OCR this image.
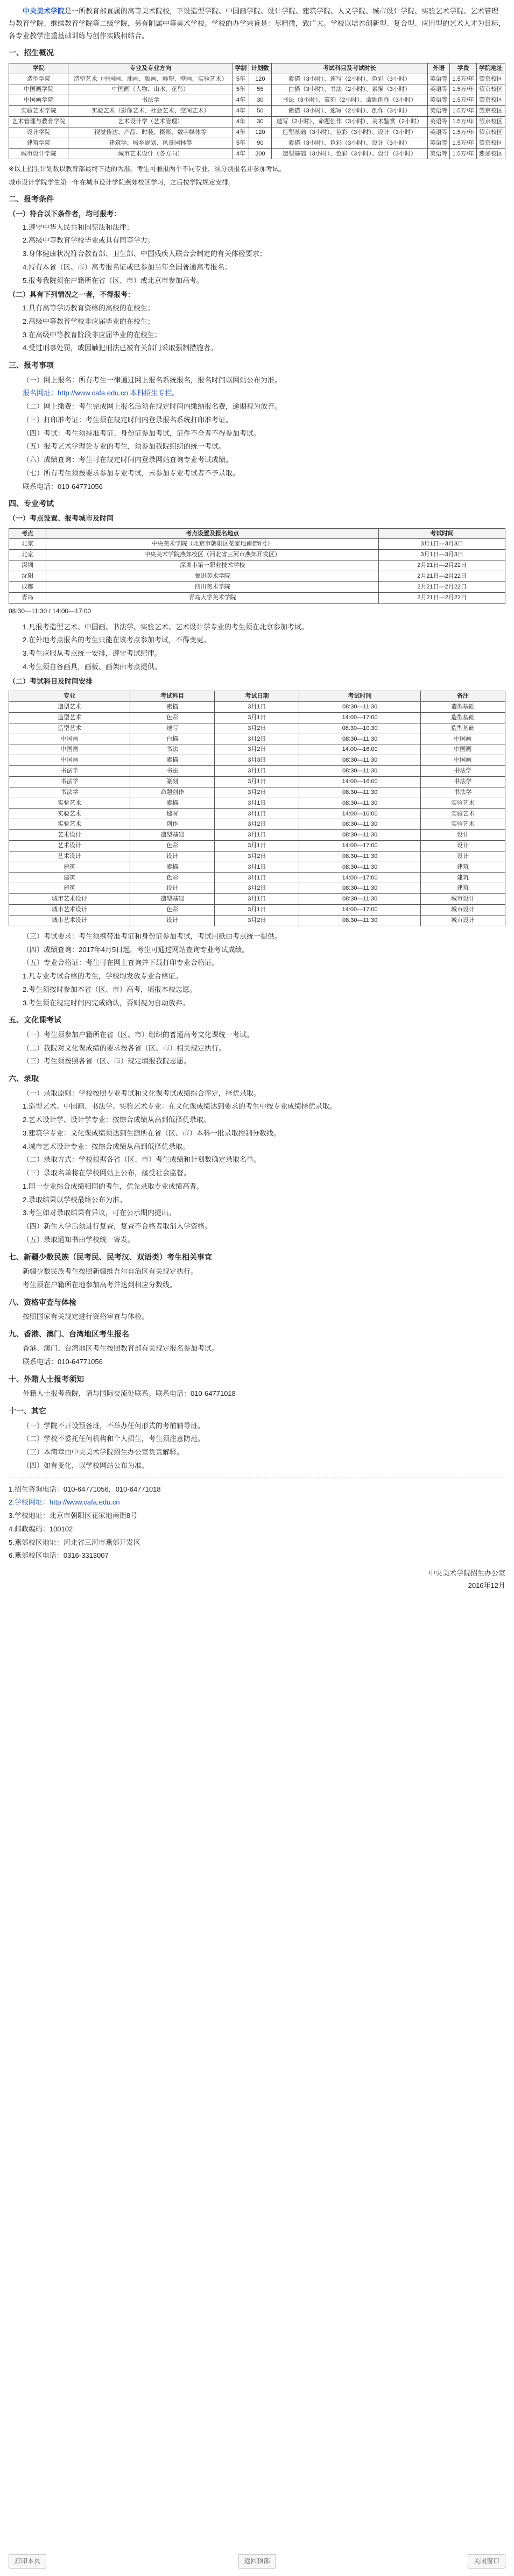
中央美术学院是一所教育部直属的高等美术院校，下设造型学院、中国画学院、设计学院、建筑学院、人文学院、城市设计学院、实验艺术学院、艺术管理与教育学院、继续教育学院等二级学院，另有附属中等美术学校。学校的办学宗旨是：尽精微，致广大。学校以培养创新型、复合型、应用型的艺术人才为目标，各专业教学注重基础训练与创作实践相结合。

一、招生概况
学院	专业及专业方向	学制	计划数	考试科目及考试时长	外语	学费	学院地址
造型学院	造型艺术（中国画、油画、版画、雕塑、壁画、实验艺术）	5年	120	素描（3小时）、速写（2小时）、色彩（3小时）	英语等	1.5万/年	望京校区
中国画学院	中国画（人物、山水、花鸟）	5年	55	白描（3小时）、书法（2小时）、素描（3小时）	英语等	1.5万/年	望京校区
中国画学院	书法学	4年	30	书法（3小时）、篆刻（2小时）、命题创作（3小时）	英语等	1.5万/年	望京校区
实验艺术学院	实验艺术（影像艺术、社会艺术、空间艺术）	4年	50	素描（3小时）、速写（2小时）、创作（3小时）	英语等	1.5万/年	望京校区
艺术管理与教育学院	艺术设计学（艺术管理）	4年	30	速写（2小时）、命题创作（3小时）、美术鉴赏（2小时）	英语等	1.5万/年	望京校区
设计学院	视觉传达、产品、时装、摄影、数字媒体等	4年	120	造型基础（3小时）、色彩（3小时）、设计（3小时）	英语等	1.5万/年	望京校区
建筑学院	建筑学、城乡规划、风景园林等	5年	90	素描（3小时）、色彩（3小时）、设计（3小时）	英语等	1.5万/年	望京校区
城市设计学院	城市艺术设计（各方向）	4年	200	造型基础（3小时）、色彩（3小时）、设计（3小时）	英语等	1.5万/年	燕郊校区

※以上招生计划数以教育部最终下达的为准。考生可兼报两个不同专业，须分别报名并参加考试。

城市设计学院学生第一年在城市设计学院燕郊校区学习，之后按学院规定安排。

二、报考条件
（一）符合以下条件者，均可报考：

1.遵守中华人民共和国宪法和法律；

2.高级中等教育学校毕业或具有同等学力；

3.身体健康状况符合教育部、卫生部、中国残疾人联合会制定的有关体检要求；

4.持有本省（区、市）高考报名证或已参加当年全国普通高考报名；

5.报考我院须在户籍所在省（区、市）或北京市参加高考。

（二）具有下列情况之一者，不得报考：

1.具有高等学历教育资格的高校的在校生；

2.高级中等教育学校非应届毕业的在校生；

3.在高级中等教育阶段非应届毕业的在校生；

4.受过刑事处罚，或因触犯刑法已被有关部门采取强制措施者。

三、报考事项

（一）网上报名：所有考生一律通过网上报名系统报名，报名时间以网站公布为准。

报名网址：http://www.cafa.edu.cn 本科招生专栏。

（二）网上缴费：考生完成网上报名后须在规定时间内缴纳报名费，逾期视为放弃。

（三）打印准考证：考生须在规定时间内登录报名系统打印准考证。

（四）考试：考生须持准考证、身份证参加考试，证件不全者不得参加考试。

（五）报考艺术学理论专业的考生，须参加我院组织的统一考试。

（六）成绩查询：考生可在规定时间内登录网站查询专业考试成绩。

（七）所有考生须按要求参加专业考试，未参加专业考试者不予录取。

联系电话：010-64771056

四、专业考试
（一）考点设置、报考城市及时间
考点	考点设置及报名地点	考试时间
北京	中央美术学院（北京市朝阳区花家地南街8号）	3月1日—3月3日
北京	中央美术学院燕郊校区（河北省三河市燕郊开发区）	3月1日—3月3日
深圳	深圳市第一职业技术学校	2月21日—2月22日
沈阳	鲁迅美术学院	2月21日—2月22日
成都	四川美术学院	2月21日—2月22日
青岛	青岛大学美术学院	2月21日—2月22日

08:30—11:30 / 14:00—17:00

1.凡报考造型艺术、中国画、书法学、实验艺术、艺术设计学专业的考生须在北京参加考试。

2.在外地考点报名的考生只能在该考点参加考试，不得变更。

3.考生应服从考点统一安排，遵守考试纪律。

4.考生须自备画具，画板、画架由考点提供。

（二）考试科目及时间安排
专业	考试科目	考试日期	考试时间	备注
造型艺术	素描	3月1日	08:30—11:30	造型基础
造型艺术	色彩	3月1日	14:00—17:00	造型基础
造型艺术	速写	3月2日	08:30—10:30	造型基础
中国画	白描	3月2日	08:30—11:30	中国画
中国画	书法	3月2日	14:00—16:00	中国画
中国画	素描	3月3日	08:30—11:30	中国画
书法学	书法	3月1日	08:30—11:30	书法学
书法学	篆刻	3月1日	14:00—16:00	书法学
书法学	命题创作	3月2日	08:30—11:30	书法学
实验艺术	素描	3月1日	08:30—11:30	实验艺术
实验艺术	速写	3月1日	14:00—16:00	实验艺术
实验艺术	创作	3月2日	08:30—11:30	实验艺术
艺术设计	造型基础	3月1日	08:30—11:30	设计
艺术设计	色彩	3月1日	14:00—17:00	设计
艺术设计	设计	3月2日	08:30—11:30	设计
建筑	素描	3月1日	08:30—11:30	建筑
建筑	色彩	3月1日	14:00—17:00	建筑
建筑	设计	3月2日	08:30—11:30	建筑
城市艺术设计	造型基础	3月1日	08:30—11:30	城市设计
城市艺术设计	色彩	3月1日	14:00—17:00	城市设计
城市艺术设计	设计	3月2日	08:30—11:30	城市设计

（三）考试要求：考生须携带准考证和身份证参加考试，考试用纸由考点统一提供。

（四）成绩查询：2017年4月5日起，考生可通过网站查询专业考试成绩。

（五）专业合格证：考生可在网上查询并下载打印专业合格证。

1.凡专业考试合格的考生，学校均发放专业合格证。

2.考生须按时参加本省（区、市）高考，填报本校志愿。

3.考生须在规定时间内完成确认，否则视为自动放弃。

五、文化课考试

（一）考生须参加户籍所在省（区、市）组织的普通高考文化课统一考试。

（二）我院对文化课成绩的要求按各省（区、市）相关规定执行。

（三）考生须按照各省（区、市）规定填报我院志愿。

六、录取

（一）录取原则：学校按照专业考试和文化课考试成绩综合评定，择优录取。

1.造型艺术、中国画、书法学、实验艺术专业：在文化课成绩达到要求的考生中按专业成绩择优录取。

2.艺术设计学、设计学专业：按综合成绩从高到低择优录取。

3.建筑学专业：文化课成绩须达到生源所在省（区、市）本科一批录取控制分数线。

4.城市艺术设计专业：按综合成绩从高到低择优录取。

（二）录取方式：学校根据各省（区、市）考生成绩和计划数确定录取名单。

（三）录取名单将在学校网站上公布，接受社会监督。

1.同一专业综合成绩相同的考生，优先录取专业成绩高者。

2.录取结果以学校最终公布为准。

3.考生如对录取结果有异议，可在公示期内提出。

（四）新生入学后须进行复查，复查不合格者取消入学资格。

（五）录取通知书由学校统一寄发。

七、新疆少数民族（民考民、民考汉、双语类）考生相关事宜

新疆少数民族考生按照新疆维吾尔自治区有关规定执行。

考生须在户籍所在地参加高考并达到相应分数线。

八、资格审查与体检

按照国家有关规定进行资格审查与体检。

九、香港、澳门、台湾地区考生报名

香港、澳门、台湾地区考生按照教育部有关规定报名参加考试。

联系电话：010-64771056

十、外籍人士报考须知

外籍人士报考我院，请与国际交流处联系。联系电话：010-64771018

十一、其它

（一）学院不开设预备班，不举办任何形式的考前辅导班。

（二）学校不委托任何机构和个人招生，考生须注意防范。

（三）本简章由中央美术学院招生办公室负责解释。

（四）如有变化，以学校网站公布为准。

1.招生咨询电话：010-64771056，010-64771018

2.学校网址：http://www.cafa.edu.cn

3.学校地址：北京市朝阳区花家地南街8号

4.邮政编码：100102

5.燕郊校区地址：河北省三河市燕郊开发区

6.燕郊校区电话：0316-3313007

中央美术学院招生办公室
2016年12月
打印本页	返回顶部	关闭窗口
